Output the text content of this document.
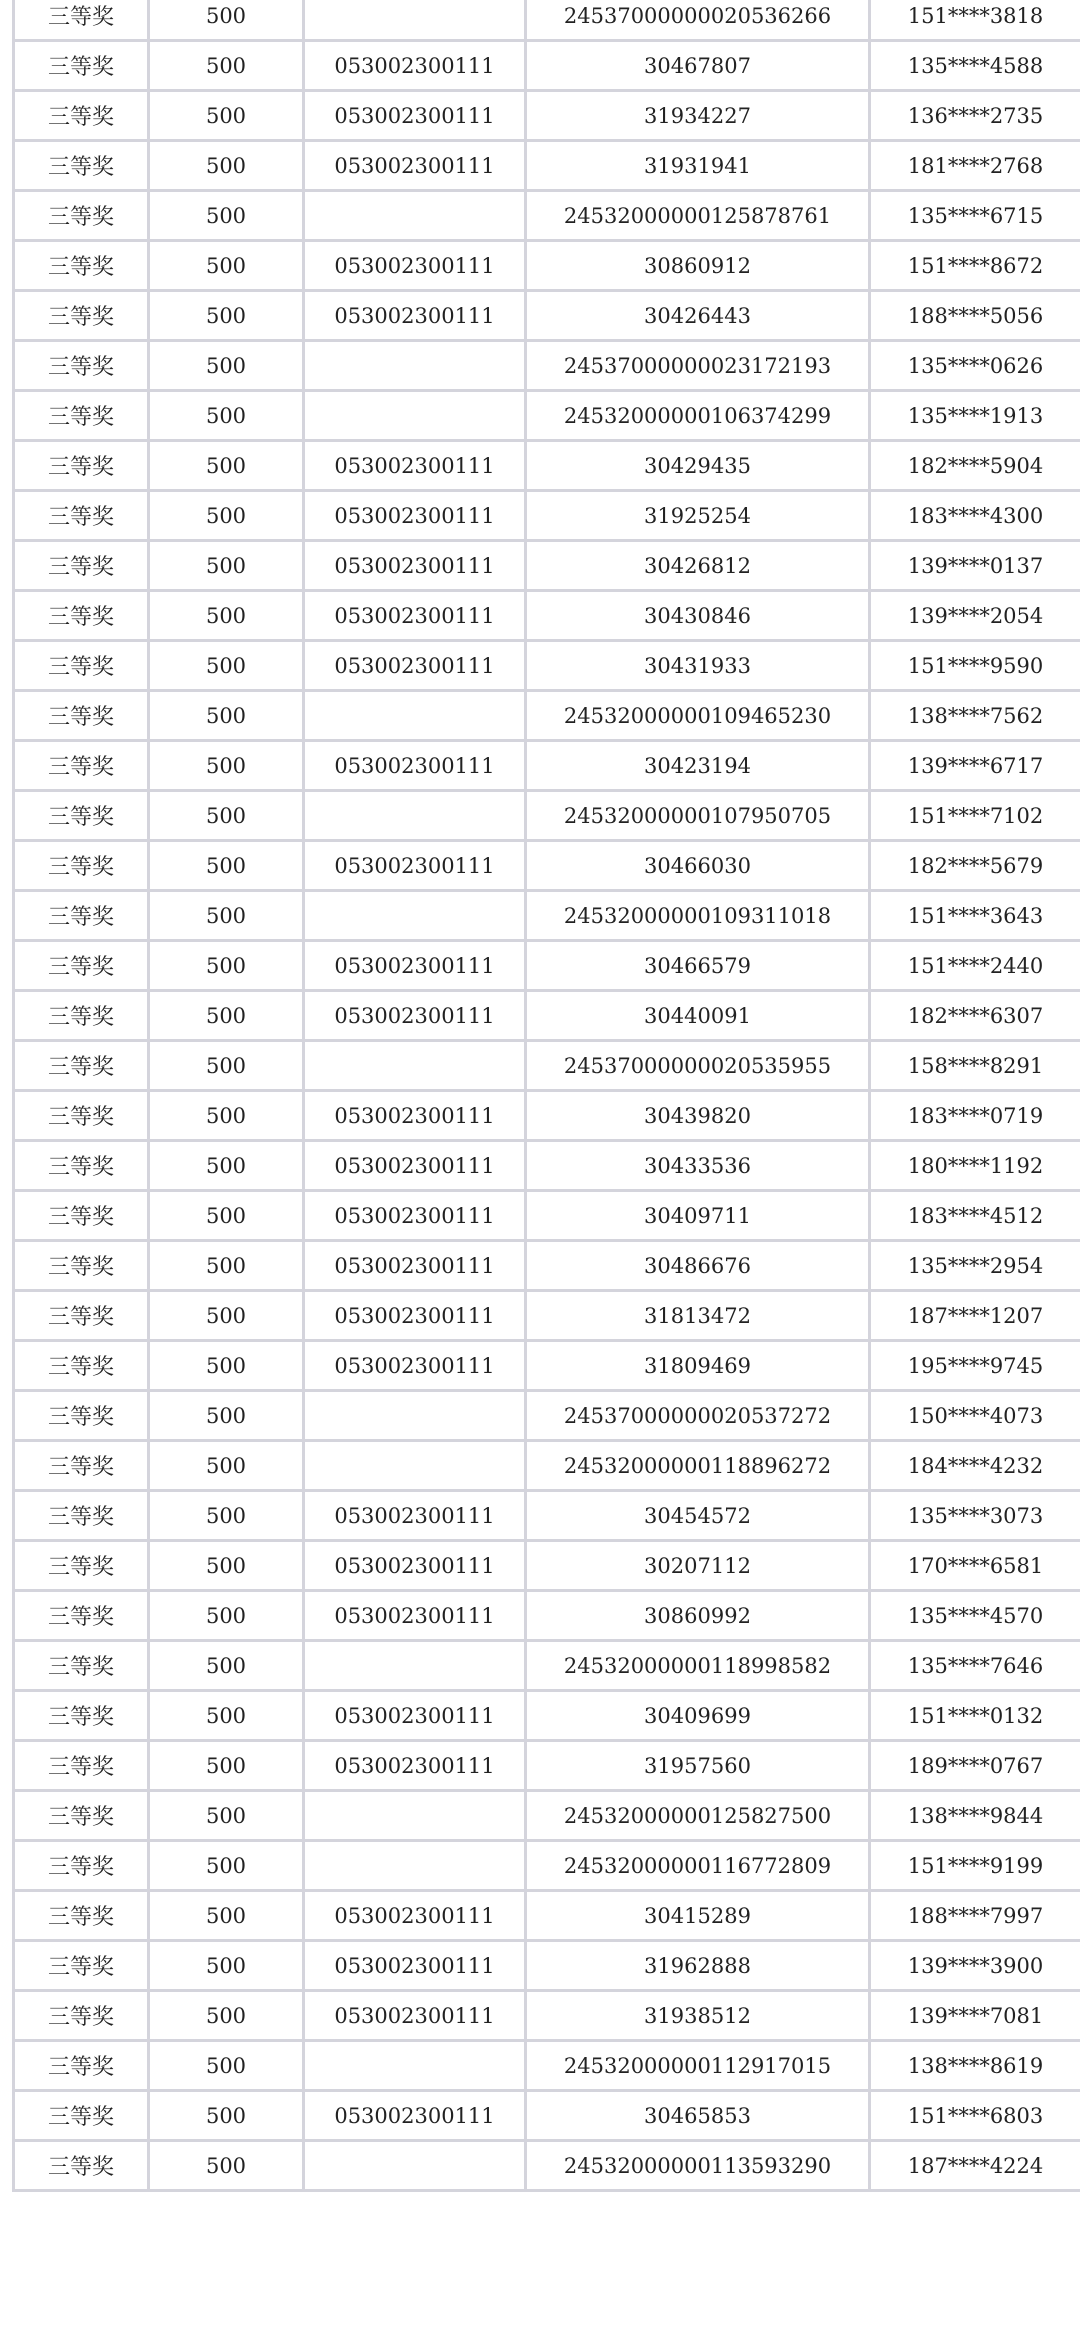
三等奖	500		24537000000020536266	151****3818
三等奖	500	053002300111	30467807	135****4588
三等奖	500	053002300111	31934227	136****2735
三等奖	500	053002300111	31931941	181****2768
三等奖	500		24532000000125878761	135****6715
三等奖	500	053002300111	30860912	151****8672
三等奖	500	053002300111	30426443	188****5056
三等奖	500		24537000000023172193	135****0626
三等奖	500		24532000000106374299	135****1913
三等奖	500	053002300111	30429435	182****5904
三等奖	500	053002300111	31925254	183****4300
三等奖	500	053002300111	30426812	139****0137
三等奖	500	053002300111	30430846	139****2054
三等奖	500	053002300111	30431933	151****9590
三等奖	500		24532000000109465230	138****7562
三等奖	500	053002300111	30423194	139****6717
三等奖	500		24532000000107950705	151****7102
三等奖	500	053002300111	30466030	182****5679
三等奖	500		24532000000109311018	151****3643
三等奖	500	053002300111	30466579	151****2440
三等奖	500	053002300111	30440091	182****6307
三等奖	500		24537000000020535955	158****8291
三等奖	500	053002300111	30439820	183****0719
三等奖	500	053002300111	30433536	180****1192
三等奖	500	053002300111	30409711	183****4512
三等奖	500	053002300111	30486676	135****2954
三等奖	500	053002300111	31813472	187****1207
三等奖	500	053002300111	31809469	195****9745
三等奖	500		24537000000020537272	150****4073
三等奖	500		24532000000118896272	184****4232
三等奖	500	053002300111	30454572	135****3073
三等奖	500	053002300111	30207112	170****6581
三等奖	500	053002300111	30860992	135****4570
三等奖	500		24532000000118998582	135****7646
三等奖	500	053002300111	30409699	151****0132
三等奖	500	053002300111	31957560	189****0767
三等奖	500		24532000000125827500	138****9844
三等奖	500		24532000000116772809	151****9199
三等奖	500	053002300111	30415289	188****7997
三等奖	500	053002300111	31962888	139****3900
三等奖	500	053002300111	31938512	139****7081
三等奖	500		24532000000112917015	138****8619
三等奖	500	053002300111	30465853	151****6803
三等奖	500		24532000000113593290	187****4224
